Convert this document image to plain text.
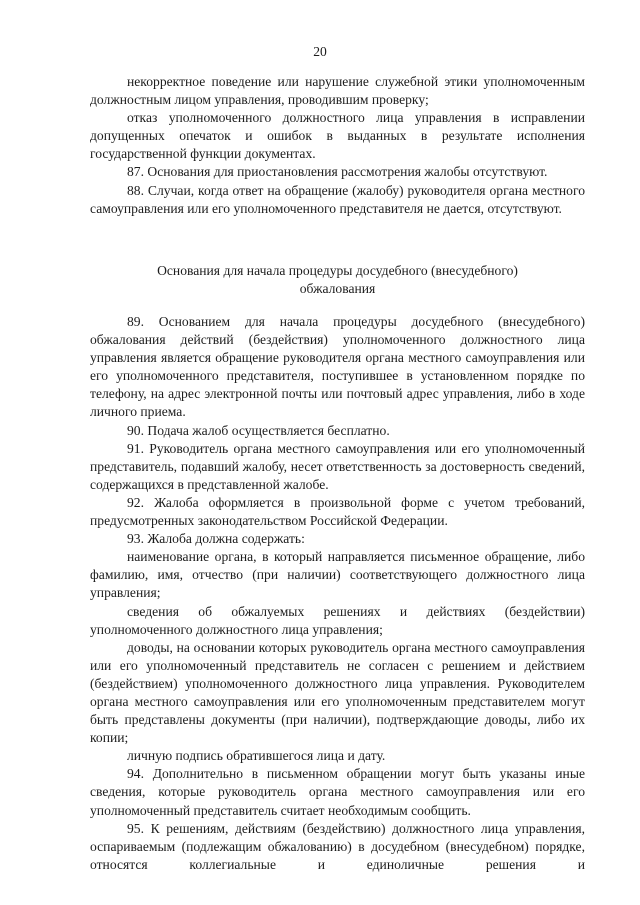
20

некорректное поведение или нарушение служебной этики уполномоченным должностным лицом управления, проводившим проверку;

отказ уполномоченного должностного лица управления в исправлении допущенных опечаток и ошибок в выданных в результате исполнения государственной функции документах.

87. Основания для приостановления рассмотрения жалобы отсутствуют.

88. Случаи, когда ответ на обращение (жалобу) руководителя органа местного самоуправления или его уполномоченного представителя не дается, отсутствуют.

Основания для начала процедуры досудебного (внесудебного)
обжалования

89. Основанием для начала процедуры досудебного (внесудебного) обжалования действий (бездействия) уполномоченного должностного лица управления является обращение руководителя органа местного самоуправления или его уполномоченного представителя, поступившее в установленном порядке по телефону, на адрес электронной почты или почтовый адрес управления, либо в ходе личного приема.

90. Подача жалоб осуществляется бесплатно.

91. Руководитель органа местного самоуправления или его уполномоченный представитель, подавший жалобу, несет ответственность за достоверность сведений, содержащихся в представленной жалобе.

92. Жалоба оформляется в произвольной форме с учетом требований, предусмотренных законодательством Российской Федерации.

93. Жалоба должна содержать:

наименование органа, в который направляется письменное обращение, либо фамилию, имя, отчество (при наличии) соответствующего должностного лица управления;

сведения об обжалуемых решениях и действиях (бездействии) уполномоченного должностного лица управления;

доводы, на основании которых руководитель органа местного самоуправления или его уполномоченный представитель не согласен с решением и действием (бездействием) уполномоченного должностного лица управления. Руководителем органа местного самоуправления или его уполномоченным представителем могут быть представлены документы (при наличии), подтверждающие доводы, либо их копии;

личную подпись обратившегося лица и дату.

94. Дополнительно в письменном обращении могут быть указаны иные сведения, которые руководитель органа местного самоуправления или его уполномоченный представитель считает необходимым сообщить.

95. К решениям, действиям (бездействию) должностного лица управления, оспариваемым (подлежащим обжалованию) в досудебном (внесудебном) порядке, относятся коллегиальные и единоличные решения и
